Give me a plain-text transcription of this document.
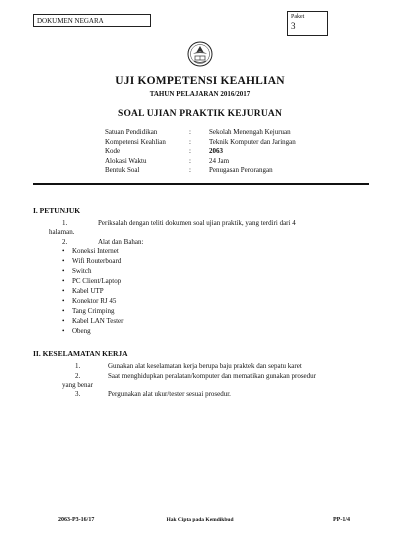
DOKUMEN NEGARA	Paket
3
UJI KOMPETENSI KEAHLIAN
TAHUN PELAJARAN 2016/2017
SOAL UJIAN PRAKTIK KEJURUAN
Satuan Pendidikan	:	Sekolah Menengah Kejuruan
Kompetensi Keahlian	:	Teknik Komputer dan Jaringan
Kode	:	2063
Alokasi Waktu	:	24 Jam
Bentuk Soal	:	Penugasan Perorangan
I. PETUNJUK
1.	Periksalah dengan teliti dokumen soal ujian praktik, yang terdiri dari 4
halaman.
2.	Alat dan Bahan:
• Koneksi Internet
• Wifi Routerboard
• Switch
• PC Client/Laptop
• Kabel UTP
• Konektor RJ 45
• Tang Crimping
• Kabel LAN Tester
• Obeng
II. KESELAMATAN KERJA
1.	Gunakan alat keselamatan kerja berupa baju praktek dan sepatu karet
2.	Saat menghidupkan peralatan/komputer dan mematikan gunakan prosedur
yang benar
3.	Pergunakan alat ukur/tester sesuai prosedur.
2063-P3-16/17	Hak Cipta pada Kemdikbud	PP-1/4
